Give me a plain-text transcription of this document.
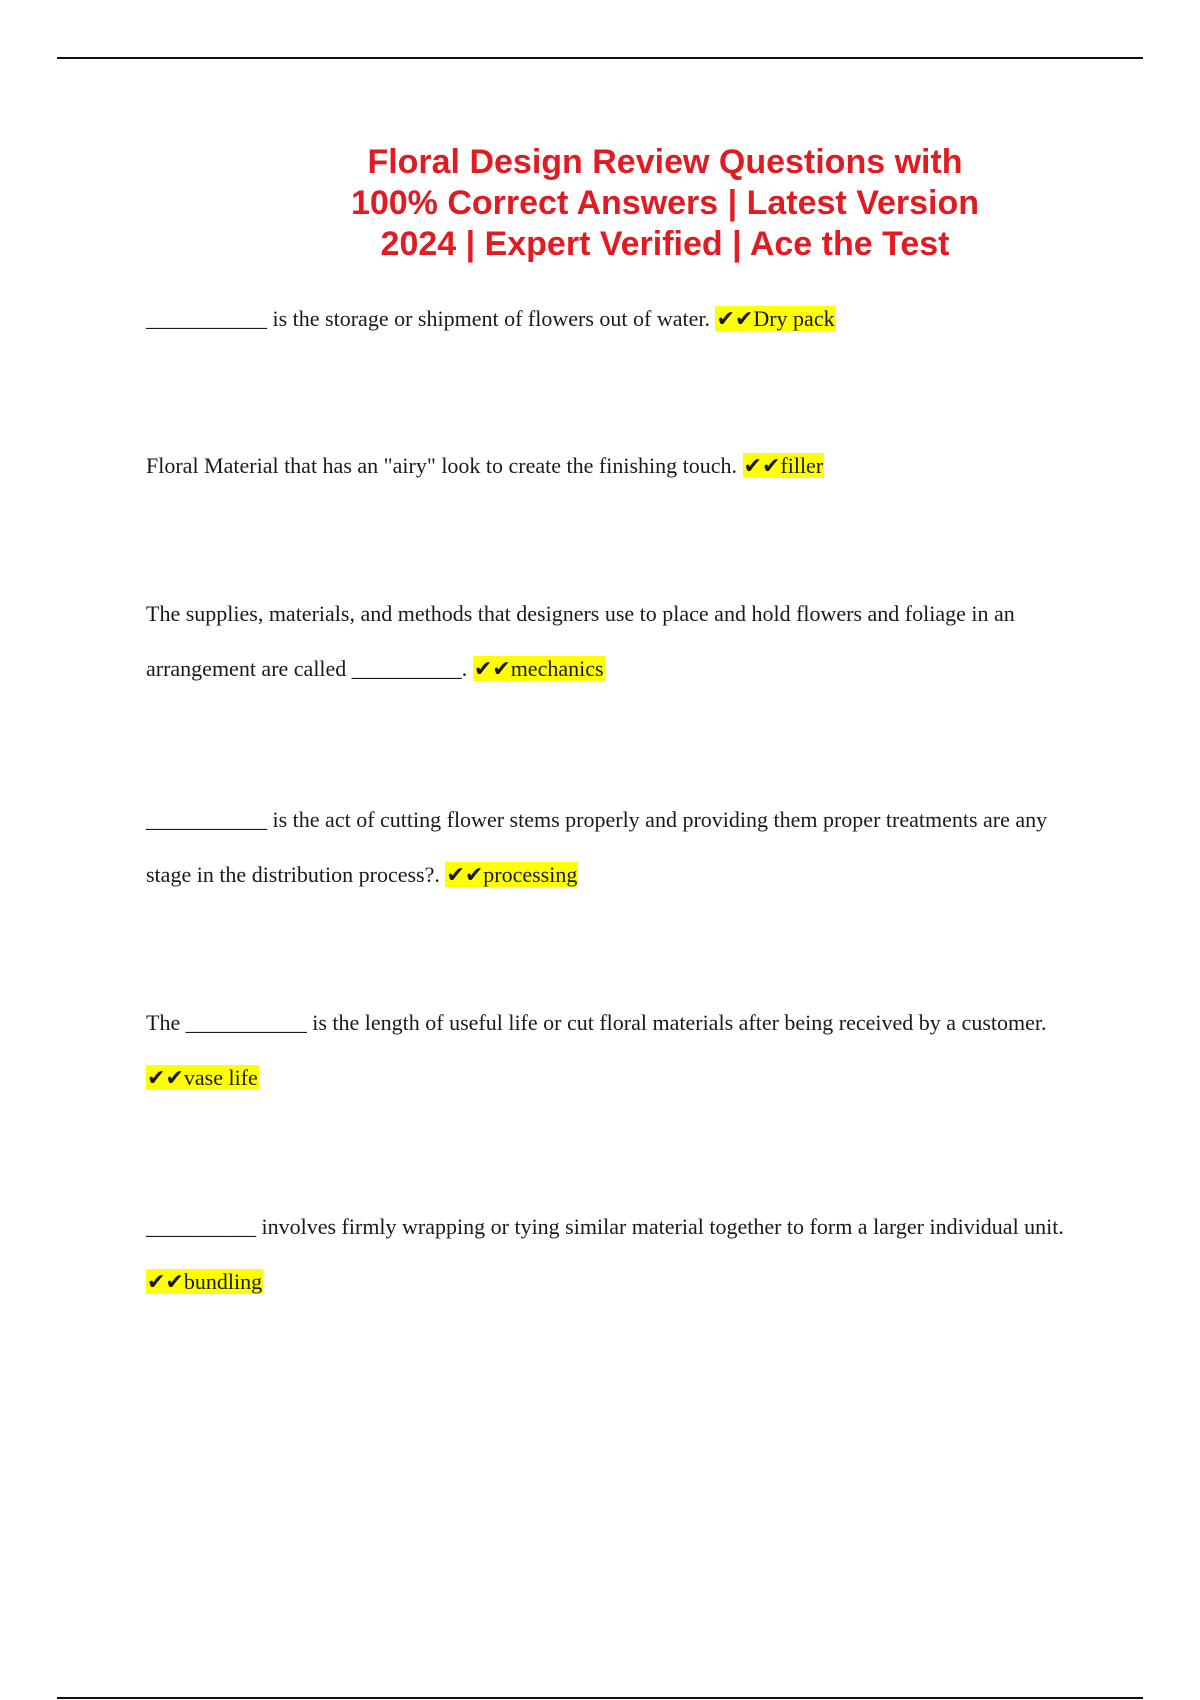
Floral Design Review Questions with
100% Correct Answers | Latest Version
2024 | Expert Verified | Ace the Test

___________ is the storage or shipment of flowers out of water. ✔✔Dry pack

Floral Material that has an "airy" look to create the finishing touch. ✔✔filler

The supplies, materials, and methods that designers use to place and hold flowers and foliage in an arrangement are called __________. ✔✔mechanics

___________ is the act of cutting flower stems properly and providing them proper treatments are any stage in the distribution process?. ✔✔processing

The ___________ is the length of useful life or cut floral materials after being received by a customer. ✔✔vase life

__________ involves firmly wrapping or tying similar material together to form a larger individual unit. ✔✔bundling
